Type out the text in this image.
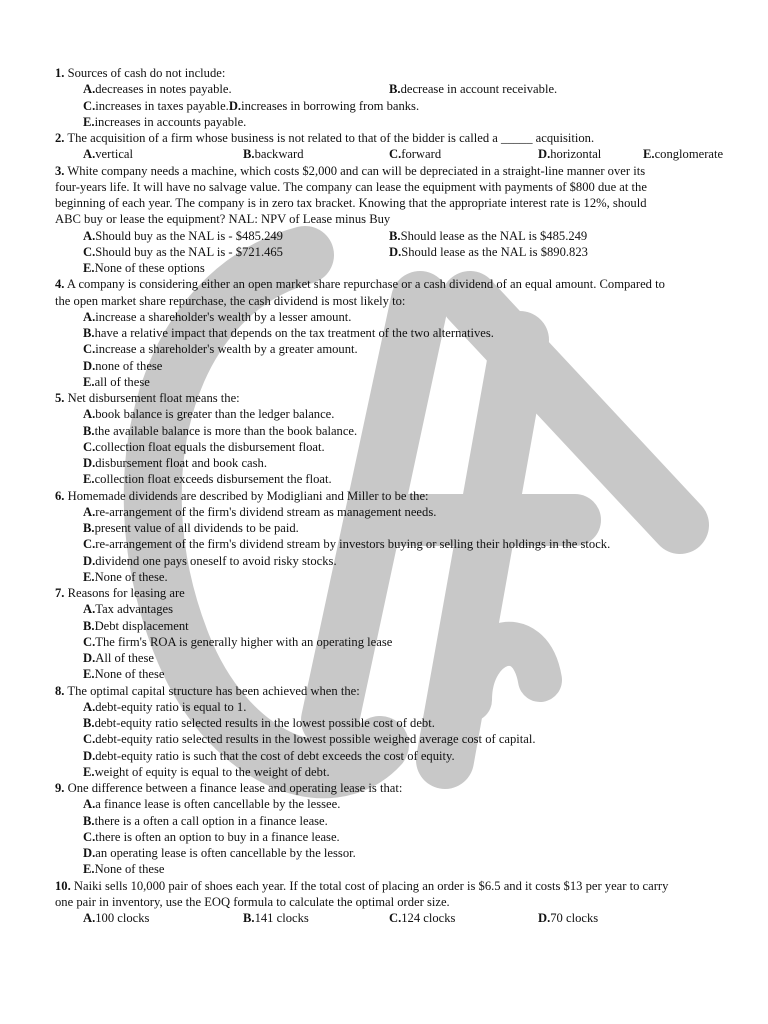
1. Sources of cash do not include:
A.decreases in notes payable.	B.decrease in account receivable.
C.increases in taxes payable.D.increases in borrowing from banks.
E.increases in accounts payable.
2. The acquisition of a firm whose business is not related to that of the bidder is called a _____ acquisition.
A. vertical	B. backward	C. forward	D. horizontal	E. conglomerate
3. White company needs a machine, which costs $2,000 and can will be depreciated in a straight-line manner over its
four-years life. It will have no salvage value. The company can lease the equipment with payments of $800 due at the
beginning of each year. The company is in zero tax bracket. Knowing that the appropriate interest rate is 12%, should
ABC buy or lease the equipment? NAL: NPV of Lease minus Buy
A.Should buy as the NAL is - $485.249	B.Should lease as the NAL is $485.249
C.Should buy as the NAL is - $721.465	D.Should lease as the NAL is $890.823
E.None of these options
4. A company is considering either an open market share repurchase or a cash dividend of an equal amount. Compared to
the open market share repurchase, the cash dividend is most likely to:
A.increase a shareholder's wealth by a lesser amount.
B.have a relative impact that depends on the tax treatment of the two alternatives.
C.increase a shareholder's wealth by a greater amount.
D.none of these
E.all of these
5. Net disbursement float means the:
A.book balance is greater than the ledger balance.
B.the available balance is more than the book balance.
C.collection float equals the disbursement float.
D.disbursement float and book cash.
E.collection float exceeds disbursement the float.
6. Homemade dividends are described by Modigliani and Miller to be the:
A.re-arrangement of the firm's dividend stream as management needs.
B.present value of all dividends to be paid.
C.re-arrangement of the firm's dividend stream by investors buying or selling their holdings in the stock.
D.dividend one pays oneself to avoid risky stocks.
E.None of these.
7. Reasons for leasing are
A.Tax advantages
B.Debt displacement
C.The firm's ROA is generally higher with an operating lease
D.All of these
E.None of these
8. The optimal capital structure has been achieved when the:
A.debt-equity ratio is equal to 1.
B.debt-equity ratio selected results in the lowest possible cost of debt.
C.debt-equity ratio selected results in the lowest possible weighed average cost of capital.
D.debt-equity ratio is such that the cost of debt exceeds the cost of equity.
E.weight of equity is equal to the weight of debt.
9. One difference between a finance lease and operating lease is that:
A.a finance lease is often cancellable by the lessee.
B.there is a often a call option in a finance lease.
C.there is often an option to buy in a finance lease.
D.an operating lease is often cancellable by the lessor.
E.None of these
10. Naiki sells 10,000 pair of shoes each year. If the total cost of placing an order is $6.5 and it costs $13 per year to carry
one pair in inventory, use the EOQ formula to calculate the optimal order size.
A. 100 clocks	B. 141 clocks	C. 124 clocks	D. 70 clocks
